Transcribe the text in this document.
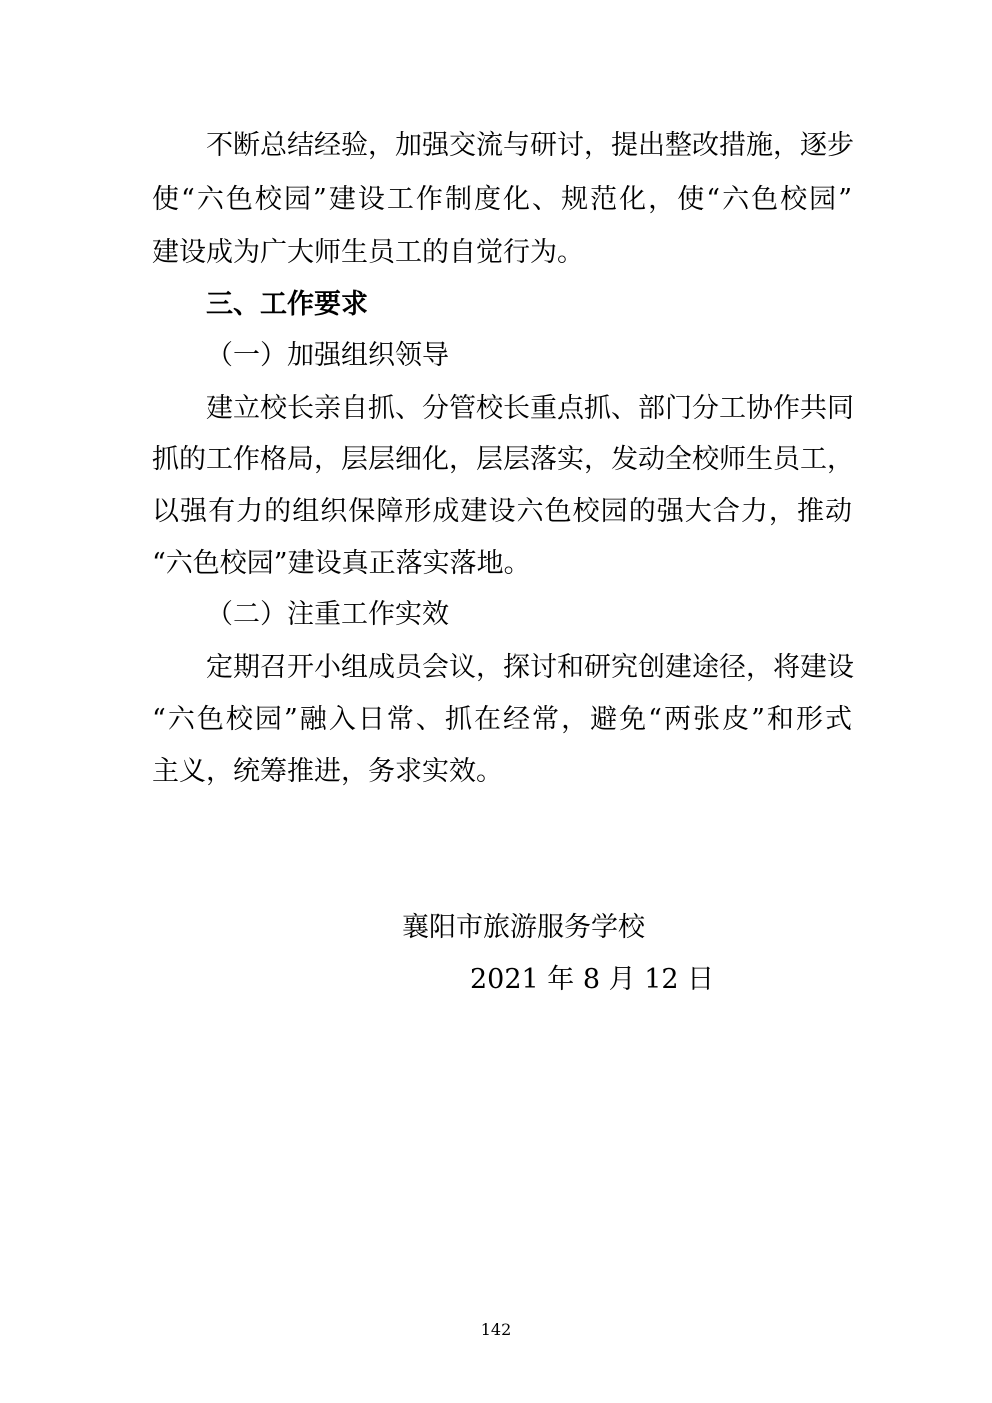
不断总结经验，加强交流与研讨，提出整改措施，逐步
使“六色校园”建设工作制度化、规范化，使“六色校园”
建设成为广大师生员工的自觉行为。
三、工作要求
（一）加强组织领导
建立校长亲自抓、分管校长重点抓、部门分工协作共同
抓的工作格局，层层细化，层层落实，发动全校师生员工，
以强有力的组织保障形成建设六色校园的强大合力，推动
“六色校园”建设真正落实落地。
（二）注重工作实效
定期召开小组成员会议，探讨和研究创建途径，将建设
“六色校园”融入日常、抓在经常，避免“两张皮”和形式
主义，统筹推进，务求实效。
襄阳市旅游服务学校
2021 年 8 月 12 日
142
